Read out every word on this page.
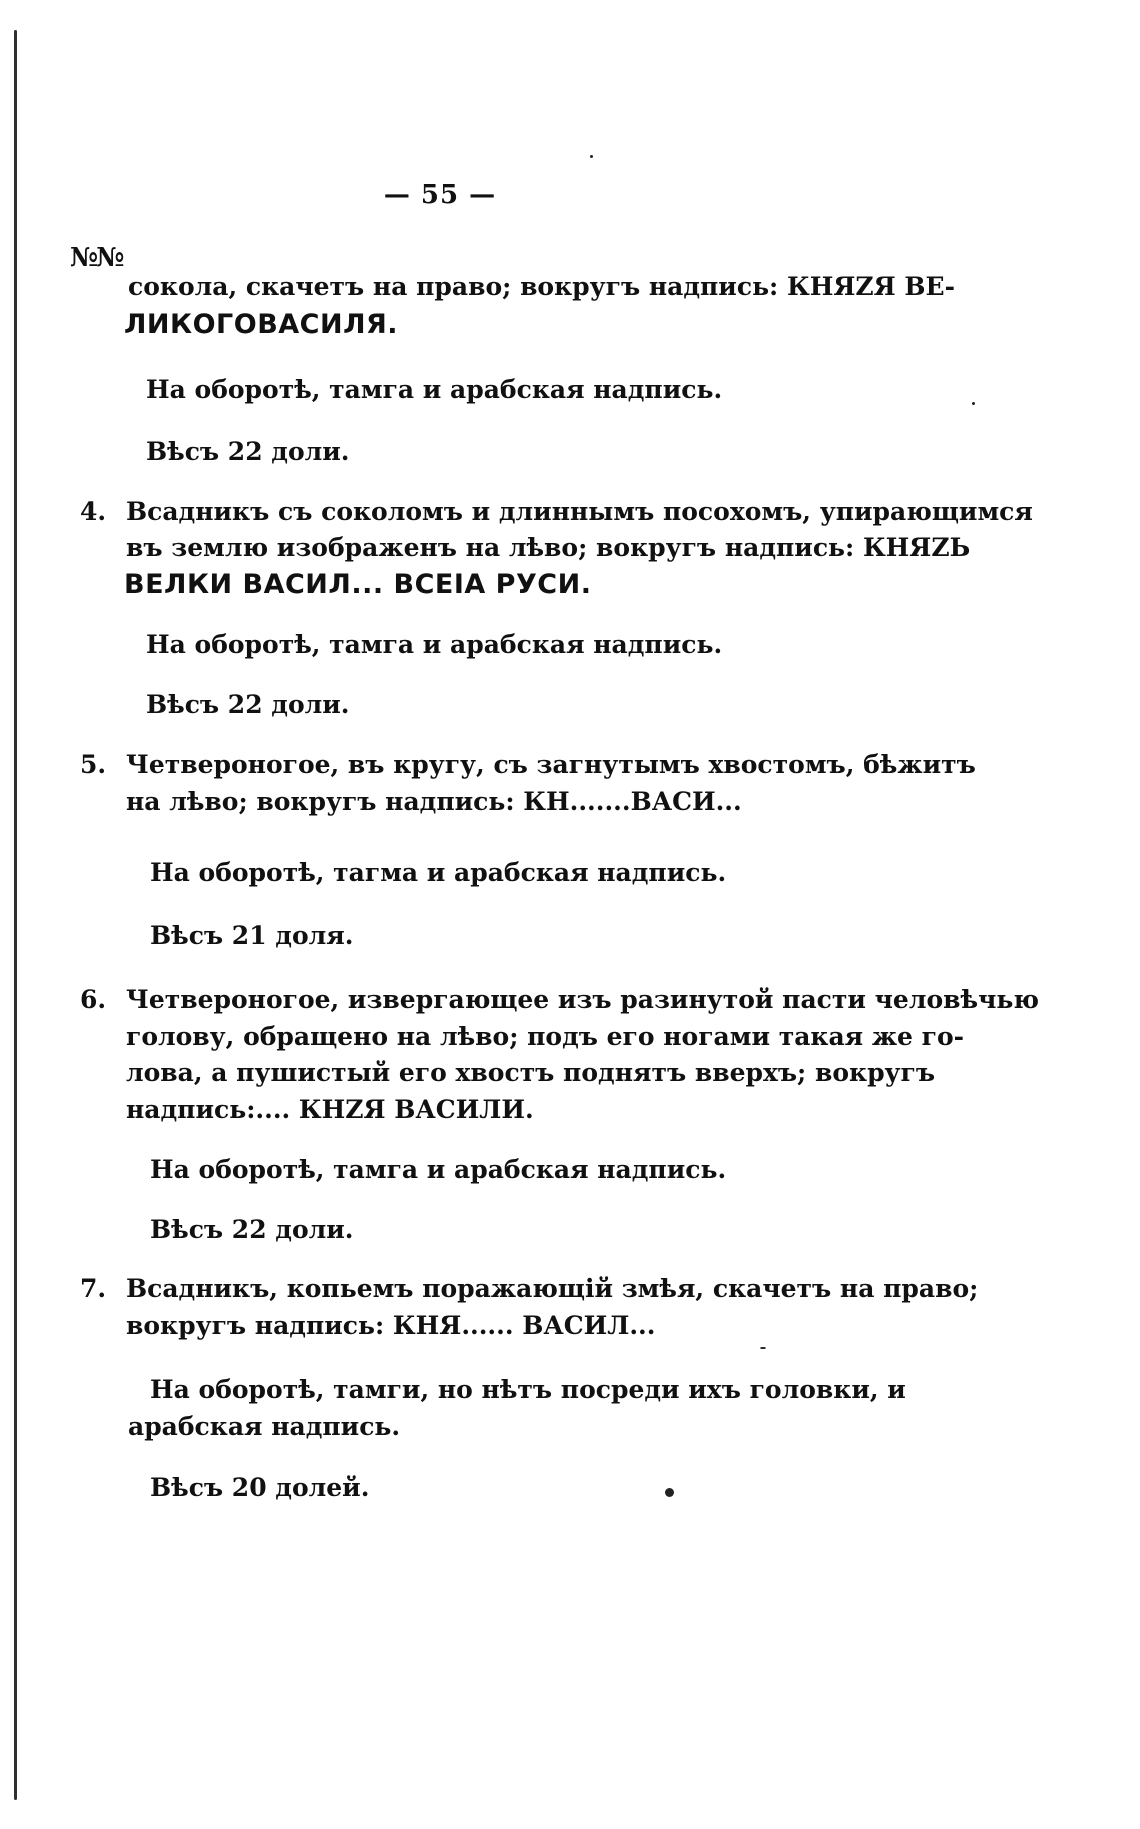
— 55 —
№№
сокола, скачетъ на право; вокругъ надпись: КНЯZЯ ВЕ-
ЛИКОГОВАСИЛЯ.
На оборотѣ, тамга и арабская надпись.
Вѣсъ 22 доли.
4. Всадникъ съ соколомъ и длиннымъ посохомъ, упирающимся
въ землю изображенъ на лѣво; вокругъ надпись: КНЯZЬ
ВЕЛКИ ВАСИЛ... ВСЕIА РУСИ.
На оборотѣ, тамга и арабская надпись.
Вѣсъ 22 доли.
5. Четвероногое, въ кругу, съ загнутымъ хвостомъ, бѣжитъ
на лѣво; вокругъ надпись: КН.......ВАСИ...
На оборотѣ, тагма и арабская надпись.
Вѣсъ 21 доля.
6. Четвероногое, извергающее изъ разинутой пасти человѣчью
голову, обращено на лѣво; подъ его ногами такая же го-
лова, а пушистый его хвостъ поднятъ вверхъ; вокругъ
надпись:.... КНZЯ ВАСИЛИ.
На оборотѣ, тамга и арабская надпись.
Вѣсъ 22 доли.
7. Всадникъ, копьемъ поражающій змѣя, скачетъ на право;
вокругъ надпись: КНЯ...... ВАСИЛ...
На оборотѣ, тамги, но нѣтъ посреди ихъ головки, и
арабская надпись.
Вѣсъ 20 долей.
